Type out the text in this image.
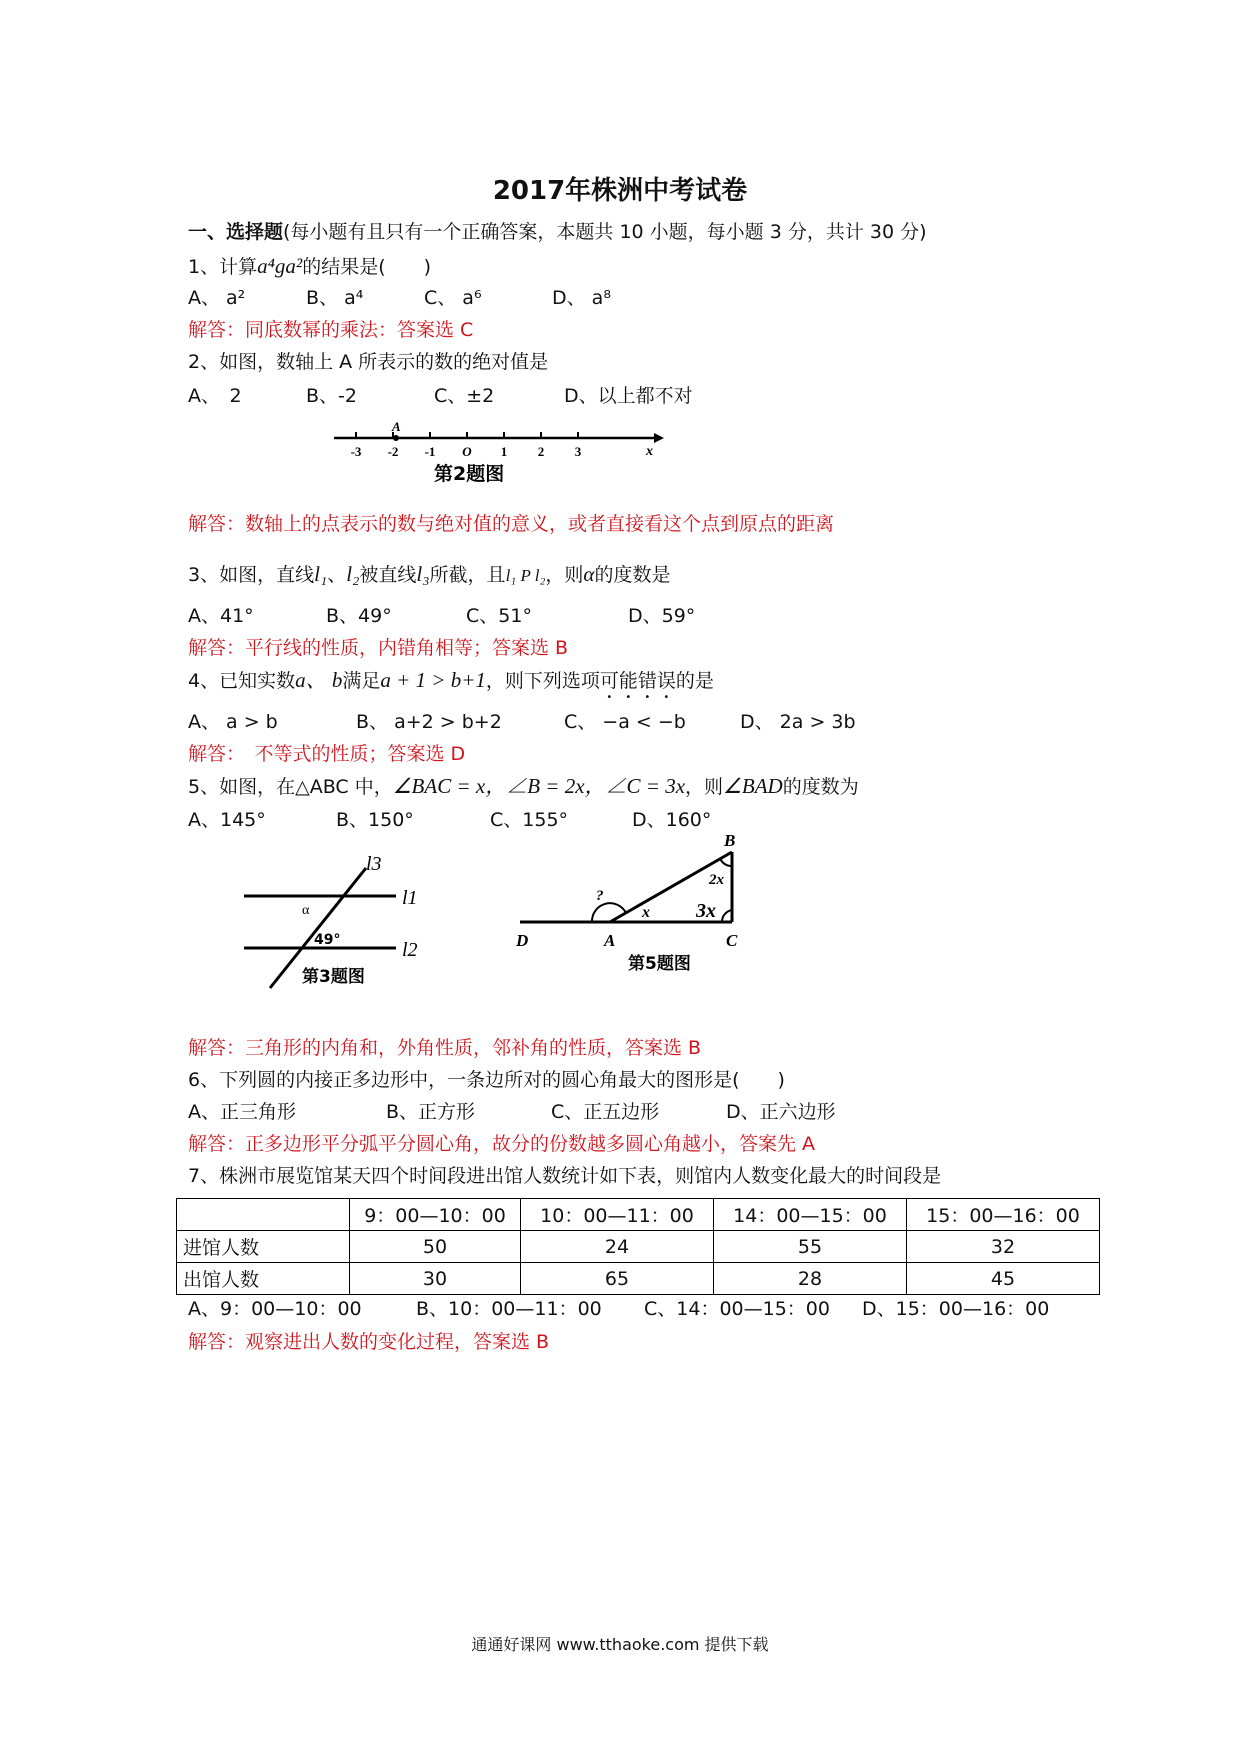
2017年株洲中考试卷
一、选择题(每小题有且只有一个正确答案，本题共 10 小题，每小题 3 分，共计 30 分)
1、计算a⁴ga²的结果是(　　)
A、 a²	B、 a⁴	C、 a⁶	D、 a⁸
解答：同底数幂的乘法：答案选 C
2、如图，数轴上 A 所表示的数的绝对值是
A、　2	B、-2	C、±2	D、以上都不对
-3 -2 -1 O 1 2 3
A
x
第2题图
解答：数轴上的点表示的数与绝对值的意义，或者直接看这个点到原点的距离
3、如图，直线l₁、l₂被直线l₃所截，且l₁ P l₂，则α的度数是
A、41°	B、49°	C、51°	D、59°
解答：平行线的性质，内错角相等；答案选 B
4、已知实数a、 b满足a + 1 > b+1，则下列选项可能错误的是
A、 a > b	B、 a+2 > b+2	C、 −a < −b	D、 2a > 3b
解答：　不等式的性质；答案选 D
5、如图，在△ABC 中，∠BAC = x，∠B = 2x，∠C = 3x，则∠BAD的度数为
A、145°	B、150°	C、155°	D、160°
l3
l1
l2
α
49°
第3题图
B
2x
3x
x
?
D	A	C
第5题图
解答：三角形的内角和，外角性质，邻补角的性质，答案选 B
6、下列圆的内接正多边形中，一条边所对的圆心角最大的图形是(　　)
A、正三角形	B、正方形	C、正五边形	D、正六边形
解答：正多边形平分弧平分圆心角，故分的份数越多圆心角越小，答案先 A
7、株洲市展览馆某天四个时间段进出馆人数统计如下表，则馆内人数变化最大的时间段是
	9：00—10：00	10：00—11：00	14：00—15：00	15：00—16：00
进馆人数	50	24	55	32
出馆人数	30	65	28	45
A、9：00—10：00	B、10：00—11：00 C、14：00—15：00 D、15：00—16：00
解答：观察进出人数的变化过程，答案选 B
通通好课网 www.tthaoke.com 提供下载
